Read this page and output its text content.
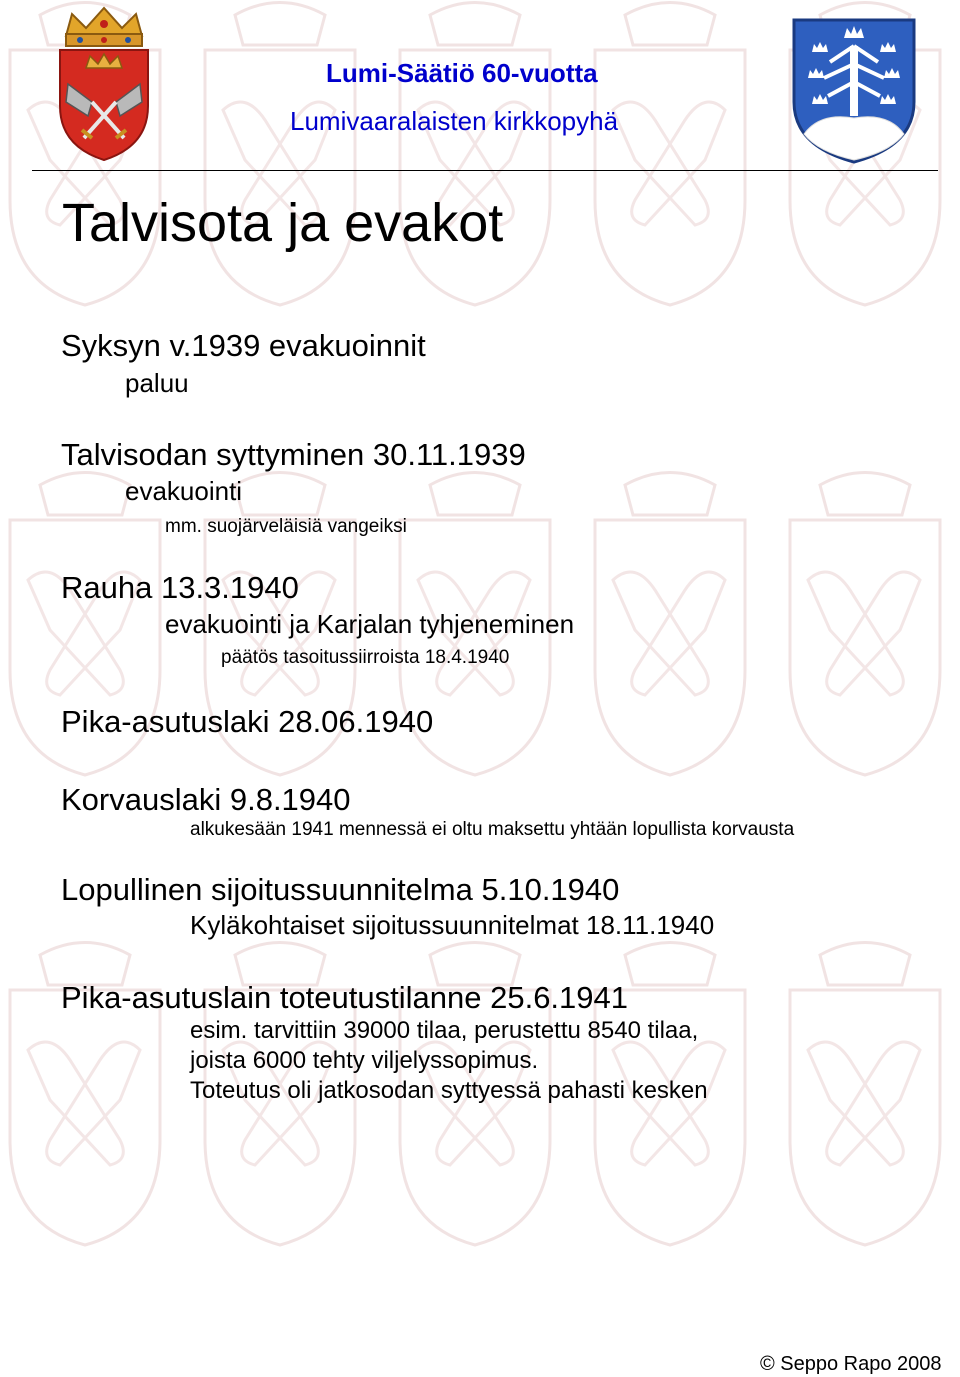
Lumi-Säätiö 60-vuotta
Lumivaaralaisten kirkkopyhä
Talvisota ja evakot
Syksyn v.1939 evakuoinnit
paluu
Talvisodan syttyminen 30.11.1939
evakuointi
mm. suojärveläisiä vangeiksi
Rauha 13.3.1940
evakuointi ja Karjalan tyhjeneminen
päätös tasoitussiirroista 18.4.1940
Pika-asutuslaki 28.06.1940
Korvauslaki 9.8.1940
alkukesään 1941 mennessä ei oltu maksettu yhtään lopullista korvausta
Lopullinen sijoitussuunnitelma 5.10.1940
Kyläkohtaiset sijoitussuunnitelmat 18.11.1940
Pika-asutuslain toteutustilanne 25.6.1941
esim. tarvittiin 39000 tilaa, perustettu 8540 tilaa,
joista 6000 tehty viljelyssopimus.
Toteutus oli jatkosodan syttyessä pahasti kesken
© Seppo Rapo 2008
